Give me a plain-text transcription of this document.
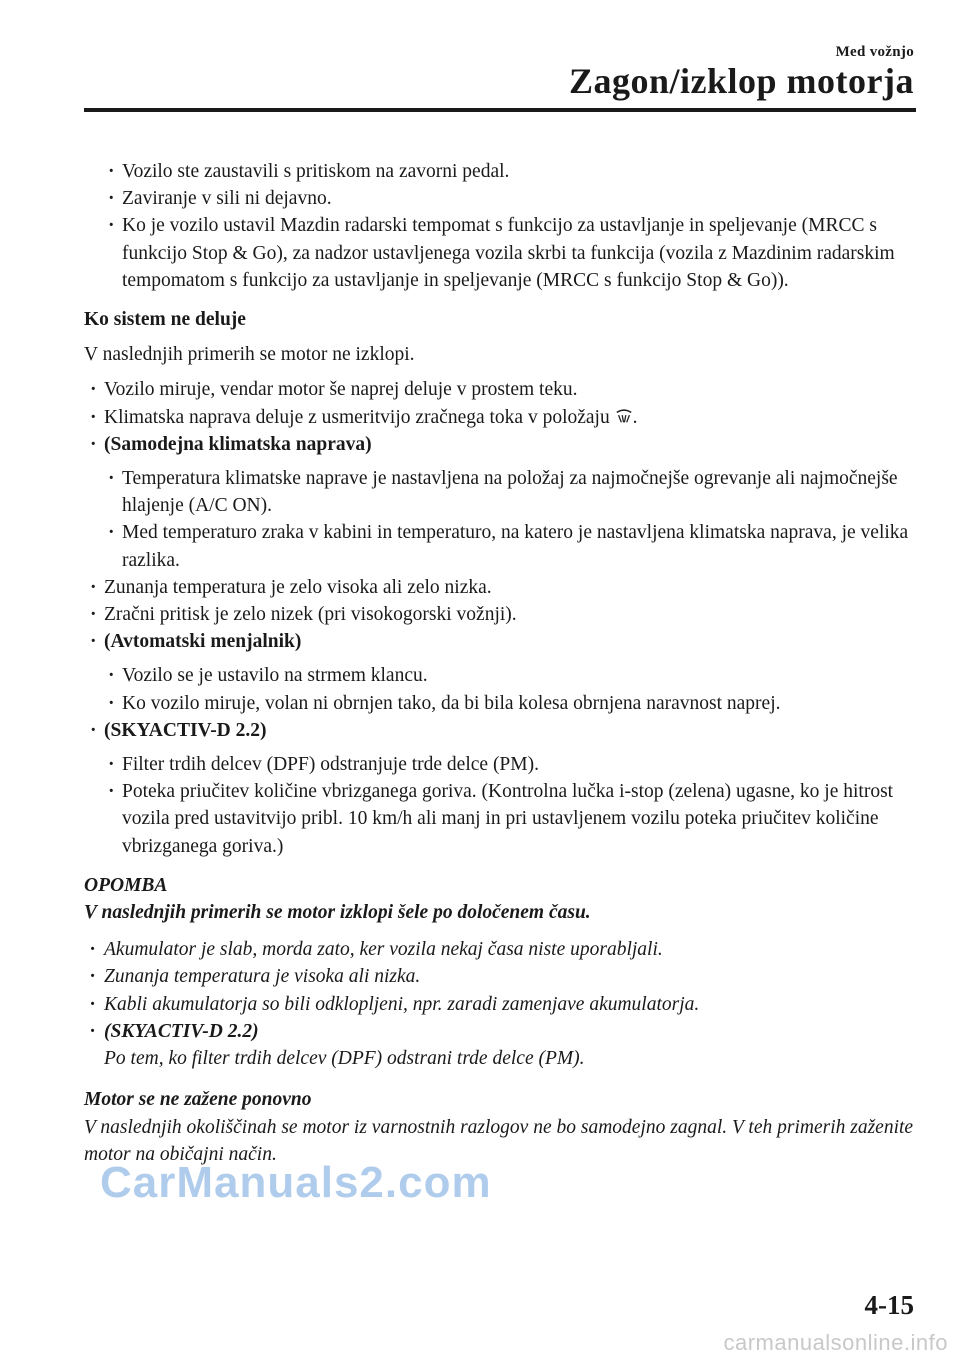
Med vožnjo
Zagon/izklop motorja
· Vozilo ste zaustavili s pritiskom na zavorni pedal.
· Zaviranje v sili ni dejavno.
· Ko je vozilo ustavil Mazdin radarski tempomat s funkcijo za ustavljanje in speljevanje (MRCC s funkcijo Stop & Go), za nadzor ustavljenega vozila skrbi ta funkcija (vozila z Mazdinim radarskim tempomatom s funkcijo za ustavljanje in speljevanje (MRCC s funkcijo Stop & Go)).
Ko sistem ne deluje
V naslednjih primerih se motor ne izklopi.
· Vozilo miruje, vendar motor še naprej deluje v prostem teku.
· Klimatska naprava deluje z usmeritvijo zračnega toka v položaju .
· (Samodejna klimatska naprava)
· Temperatura klimatske naprave je nastavljena na položaj za najmočnejše ogrevanje ali najmočnejše hlajenje (A/C ON).
· Med temperaturo zraka v kabini in temperaturo, na katero je nastavljena klimatska naprava, je velika razlika.
· Zunanja temperatura je zelo visoka ali zelo nizka.
· Zračni pritisk je zelo nizek (pri visokogorski vožnji).
· (Avtomatski menjalnik)
· Vozilo se je ustavilo na strmem klancu.
· Ko vozilo miruje, volan ni obrnjen tako, da bi bila kolesa obrnjena naravnost naprej.
· (SKYACTIV-D 2.2)
· Filter trdih delcev (DPF) odstranjuje trde delce (PM).
· Poteka priučitev količine vbrizganega goriva. (Kontrolna lučka i-stop (zelena) ugasne, ko je hitrost vozila pred ustavitvijo pribl. 10 km/h ali manj in pri ustavljenem vozilu poteka priučitev količine vbrizganega goriva.)
OPOMBA
V naslednjih primerih se motor izklopi šele po določenem času.
· Akumulator je slab, morda zato, ker vozila nekaj časa niste uporabljali.
· Zunanja temperatura je visoka ali nizka.
· Kabli akumulatorja so bili odklopljeni, npr. zaradi zamenjave akumulatorja.
· (SKYACTIV-D 2.2)
Po tem, ko filter trdih delcev (DPF) odstrani trde delce (PM).
Motor se ne zažene ponovno
V naslednjih okoliščinah se motor iz varnostnih razlogov ne bo samodejno zagnal. V teh primerih zaženite motor na običajni način.
CarManuals2.com
4-15
carmanualsonline.info
